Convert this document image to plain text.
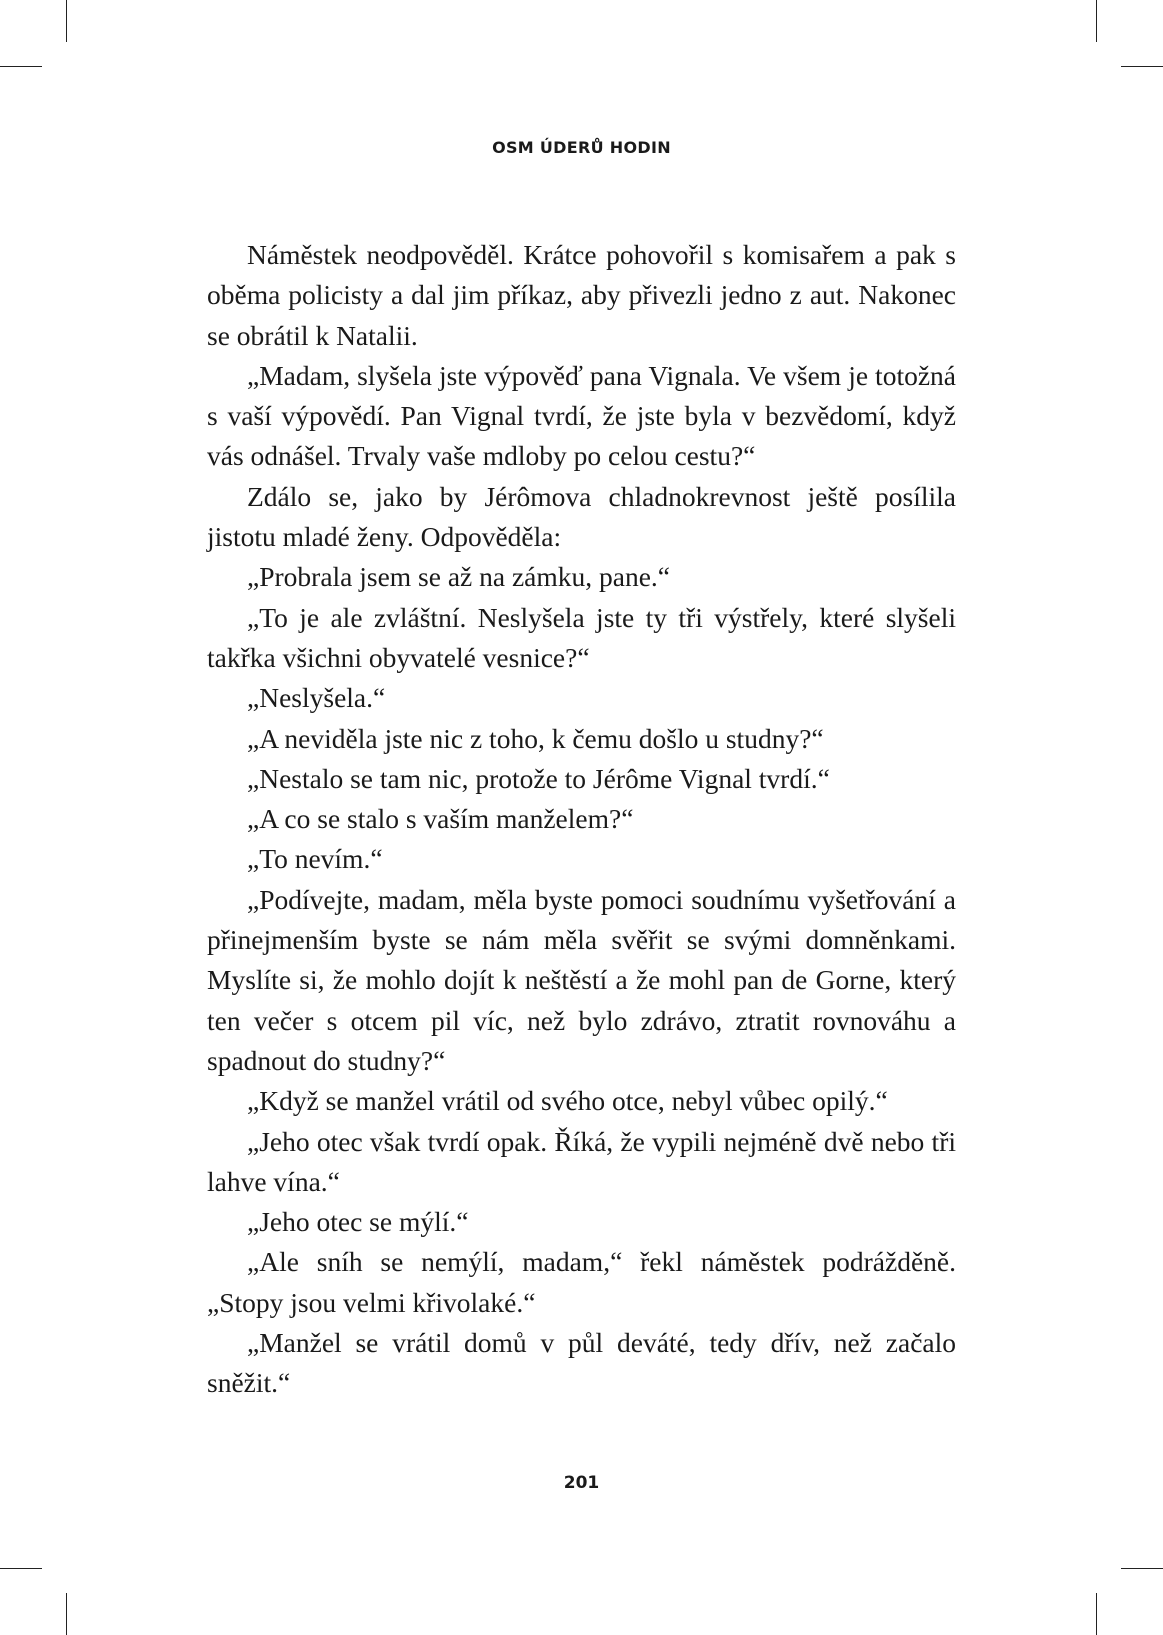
OSM ÚDERŮ HODIN

Náměstek neodpověděl. Krátce pohovořil s komisařem a pak s oběma policisty a dal jim příkaz, aby přivezli jedno z aut. Nakonec se obrátil k Natalii.

„Madam, slyšela jste výpověď pana Vignala. Ve všem je totožná s vaší výpovědí. Pan Vignal tvrdí, že jste byla v bezvědomí, když vás odnášel. Trvaly vaše mdloby po celou cestu?“

Zdálo se, jako by Jérômova chladnokrevnost ještě posílila jistotu mladé ženy. Odpověděla:

„Probrala jsem se až na zámku, pane.“

„To je ale zvláštní. Neslyšela jste ty tři výstřely, které slyšeli takřka všichni obyvatelé vesnice?“

„Neslyšela.“

„A neviděla jste nic z toho, k čemu došlo u studny?“

„Nestalo se tam nic, protože to Jérôme Vignal tvrdí.“

„A co se stalo s vaším manželem?“

„To nevím.“

„Podívejte, madam, měla byste pomoci soudnímu vyšetřování a přinejmenším byste se nám měla svěřit se svými domněnkami. Myslíte si, že mohlo dojít k neštěstí a že mohl pan de Gorne, který ten večer s otcem pil víc, než bylo zdrávo, ztratit rovnováhu a spadnout do studny?“

„Když se manžel vrátil od svého otce, nebyl vůbec opilý.“

„Jeho otec však tvrdí opak. Říká, že vypili nejméně dvě nebo tři lahve vína.“

„Jeho otec se mýlí.“

„Ale sníh se nemýlí, madam,“ řekl náměstek podrážděně. „Stopy jsou velmi křivolaké.“

„Manžel se vrátil domů v půl deváté, tedy dřív, než začalo sněžit.“

201
